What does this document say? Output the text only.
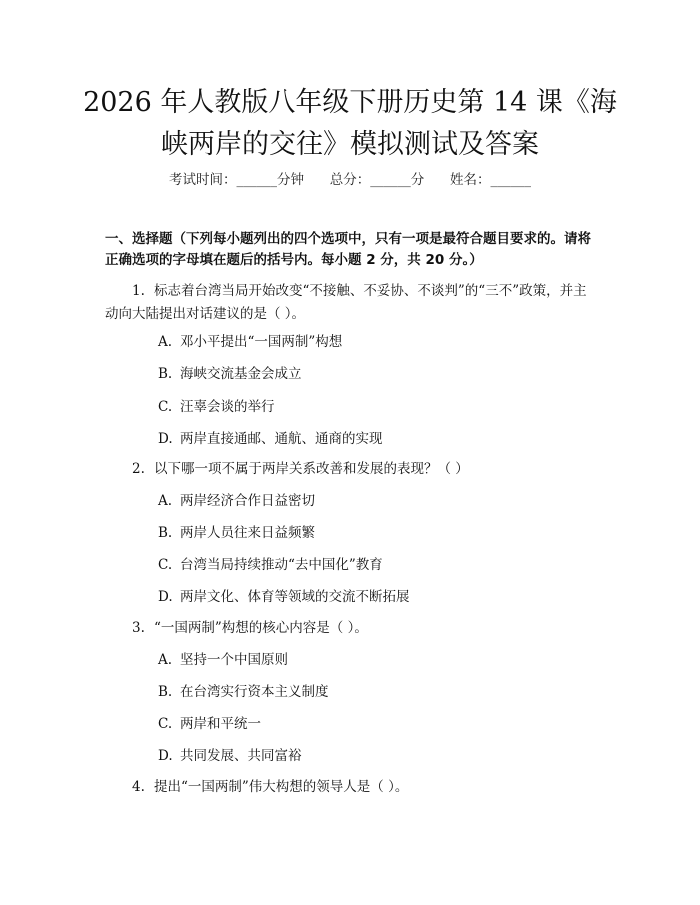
2026 年人教版八年级下册历史第 14 课《海
峡两岸的交往》模拟测试及答案
考试时间：______分钟      总分：______分      姓名：______
一、选择题（下列每小题列出的四个选项中，只有一项是最符合题目要求的。请将正确选项的字母填在题后的括号内。每小题 2 分，共 20 分。）
1. 标志着台湾当局开始改变“不接触、不妥协、不谈判”的“三不”政策，并主动向大陆提出对话建议的是（ ）。
A. 邓小平提出“一国两制”构想
B. 海峡交流基金会成立
C. 汪辜会谈的举行
D. 两岸直接通邮、通航、通商的实现
2. 以下哪一项不属于两岸关系改善和发展的表现？（ ）
A. 两岸经济合作日益密切
B. 两岸人员往来日益频繁
C. 台湾当局持续推动“去中国化”教育
D. 两岸文化、体育等领域的交流不断拓展
3. “一国两制”构想的核心内容是（ ）。
A. 坚持一个中国原则
B. 在台湾实行资本主义制度
C. 两岸和平统一
D. 共同发展、共同富裕
4. 提出“一国两制”伟大构想的领导人是（ ）。
